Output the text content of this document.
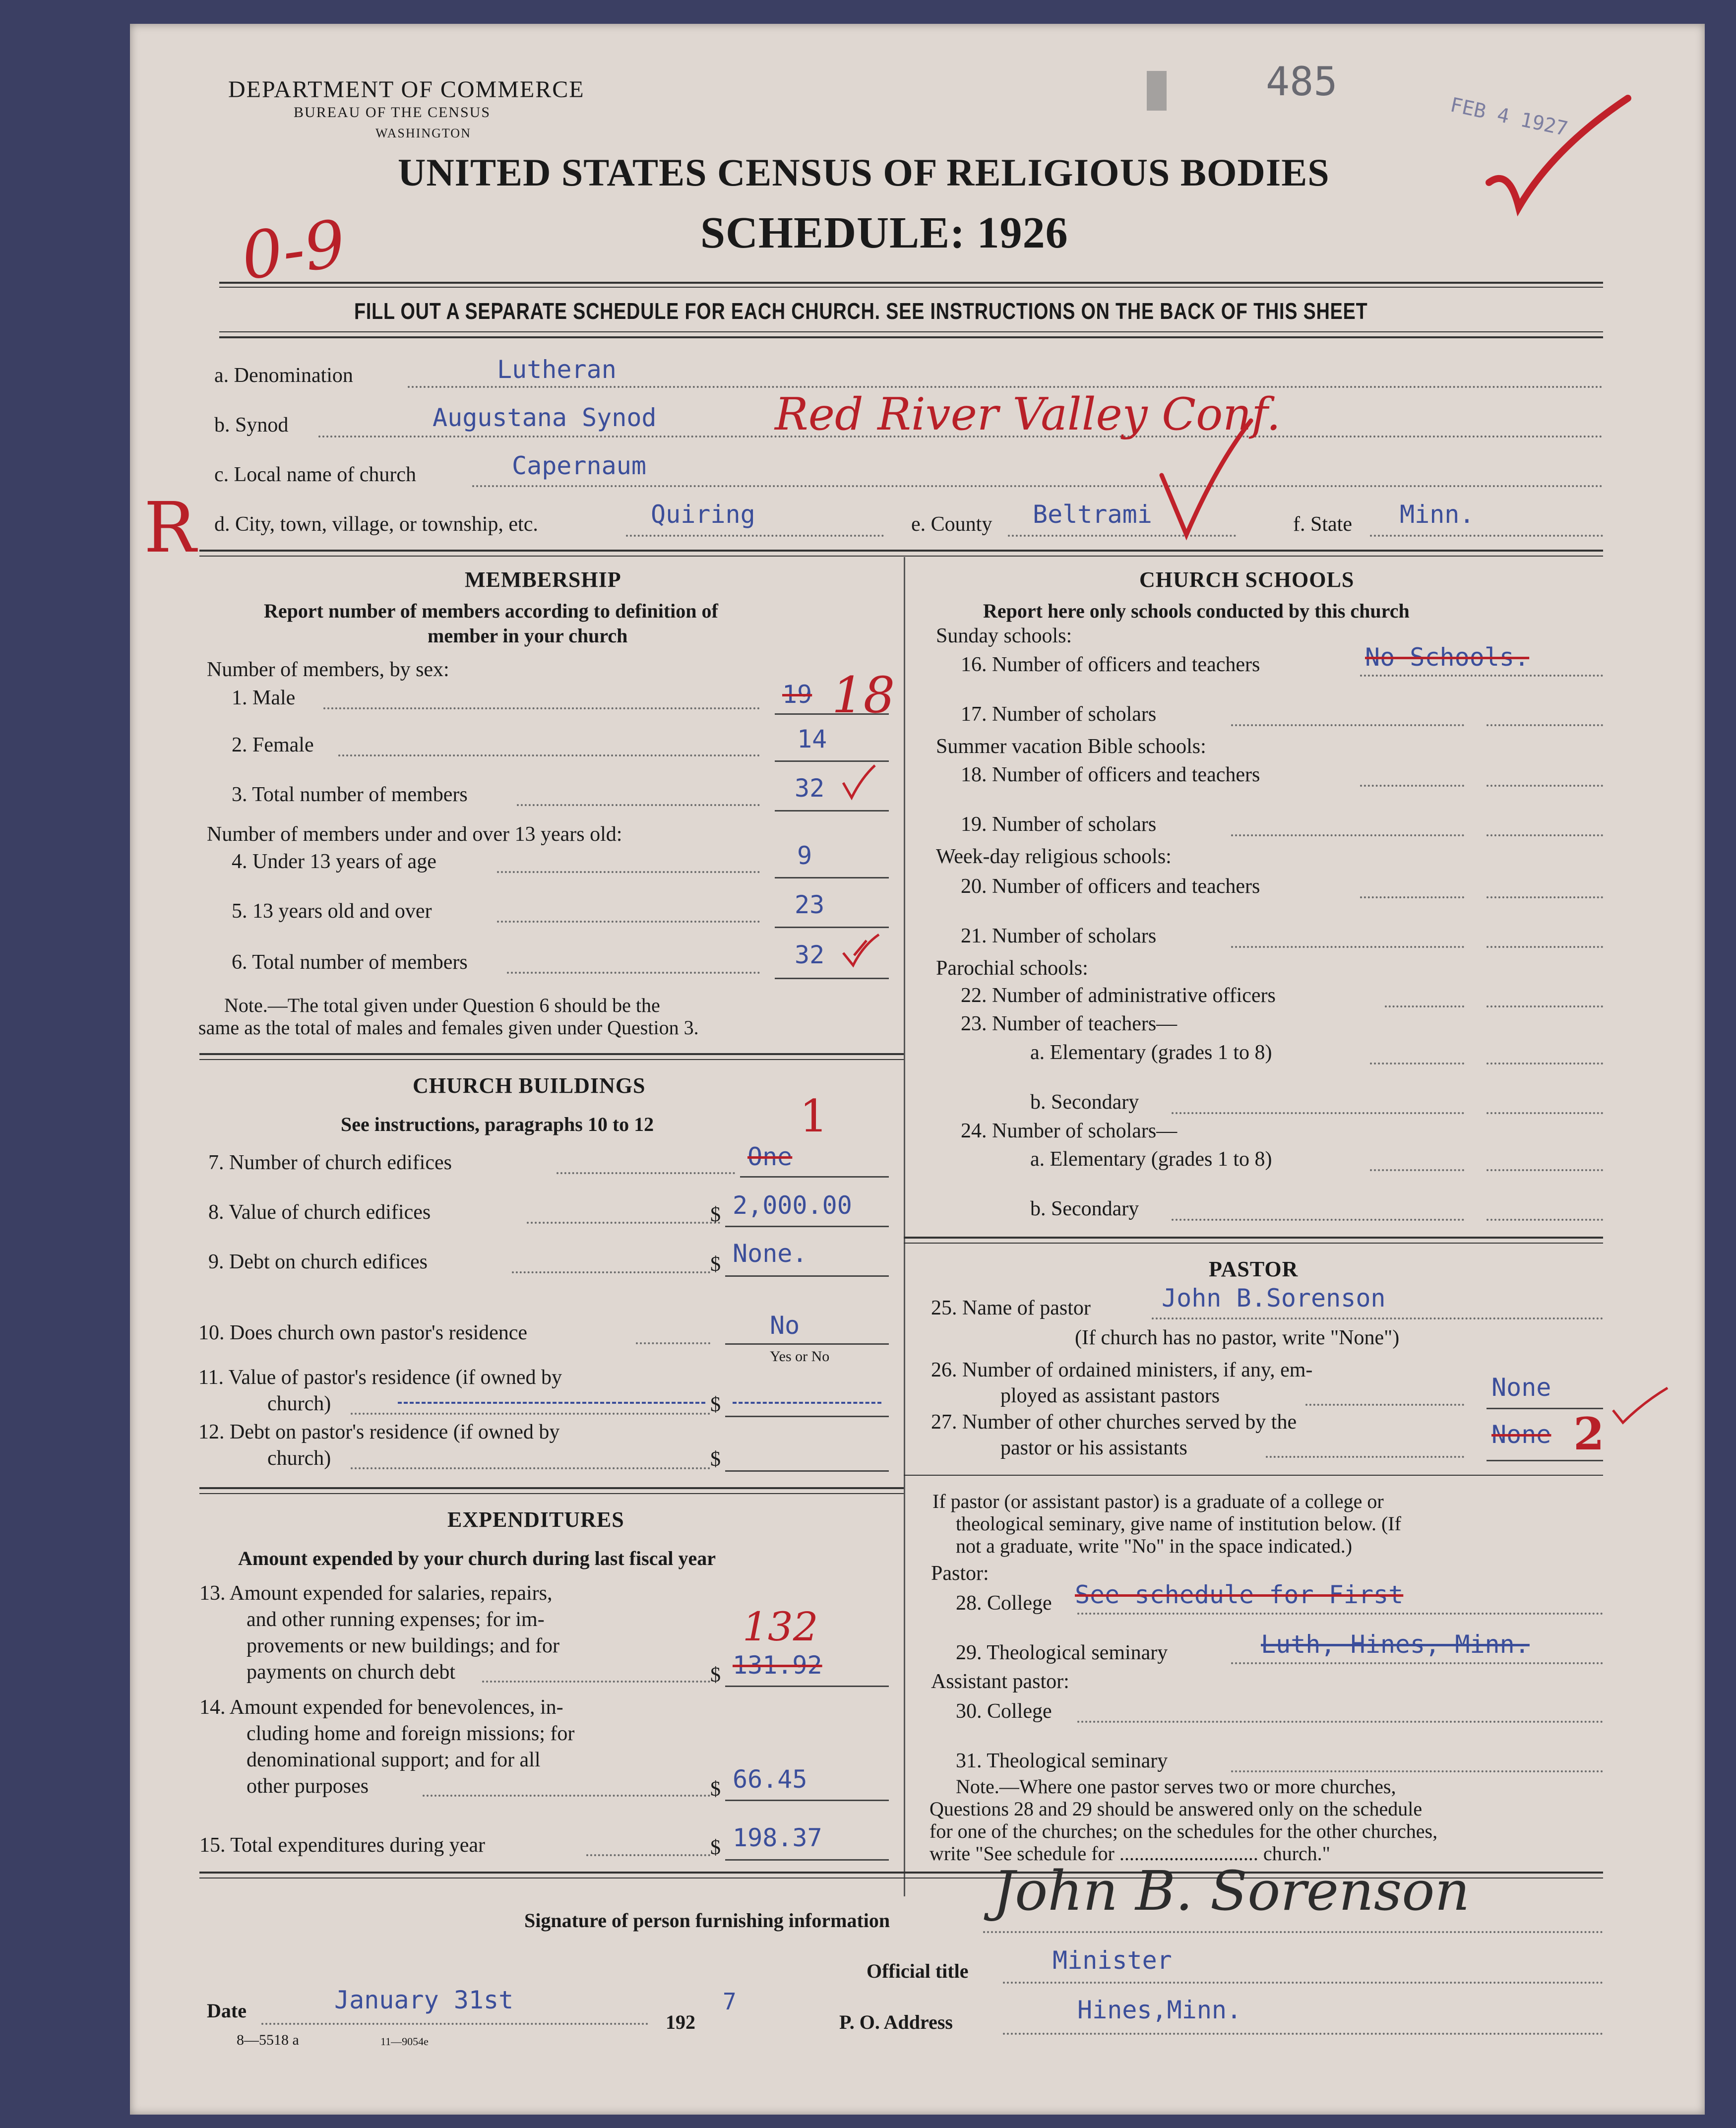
DEPARTMENT OF COMMERCE
BUREAU OF THE CENSUS
WASHINGTON
485
FEB 4 1927
UNITED STATES CENSUS OF RELIGIOUS BODIES
SCHEDULE: 1926
0-9
FILL OUT A SEPARATE SCHEDULE FOR EACH CHURCH. SEE INSTRUCTIONS ON THE BACK OF THIS SHEET
a. Denomination	Lutheran
b. Synod	Augustana Synod	Red River Valley Conf.
c. Local name of church	Capernaum
R d. City, town, village, or township, etc.	Quiring	e. County Beltrami	f. State Minn.
MEMBERSHIP
Report number of members according to definition of
member in your church
Number of members, by sex:
1. Male	19 18
2. Female	14
3. Total number of members	32
Number of members under and over 13 years old:
4. Under 13 years of age	9
5. 13 years old and over	23
6. Total number of members	32
Note.—The total given under Question 6 should be the
same as the total of males and females given under Question 3.
CHURCH BUILDINGS
See instructions, paragraphs 10 to 12	1
7. Number of church edifices	One
8. Value of church edifices	$ 2,000.00
9. Debt on church edifices	$ None.
10. Does church own pastor's residence	No
Yes or No
11. Value of pastor's residence (if owned by
church)	$
12. Debt on pastor's residence (if owned by
church)	$
EXPENDITURES
Amount expended by your church during last fiscal year
13. Amount expended for salaries, repairs,
and other running expenses; for im-
provements or new buildings; and for
payments on church debt	$ 131.92
132
14. Amount expended for benevolences, in-
cluding home and foreign missions; for
denominational support; and for all
other purposes	$ 66.45
15. Total expenditures during year	$ 198.37
CHURCH SCHOOLS
Report here only schools conducted by this church
Sunday schools:
16. Number of officers and teachers	No Schools.
17. Number of scholars
Summer vacation Bible schools:
18. Number of officers and teachers
19. Number of scholars
Week-day religious schools:
20. Number of officers and teachers
21. Number of scholars
Parochial schools:
22. Number of administrative officers
23. Number of teachers—
a. Elementary (grades 1 to 8)
b. Secondary
24. Number of scholars—
a. Elementary (grades 1 to 8)
b. Secondary
PASTOR
25. Name of pastor	John B.Sorenson
(If church has no pastor, write "None")
26. Number of ordained ministers, if any, em-
ployed as assistant pastors	None
27. Number of other churches served by the
pastor or his assistants	None 2
If pastor (or assistant pastor) is a graduate of a college or
theological seminary, give name of institution below. (If
not a graduate, write "No" in the space indicated.)
Pastor:
28. College See schedule for First
29. Theological seminary	Luth, Hines, Minn.
Assistant pastor:
30. College
31. Theological seminary
Note.—Where one pastor serves two or more churches,
Questions 28 and 29 should be answered only on the schedule
for one of the churches; on the schedules for the other churches,
write "See schedule for ............................ church."
Signature of person furnishing information John B. Sorenson
Official title	Minister
Date	January 31st
192
7
P. O. Address	Hines,Minn.
8—5518 a	11—9054e
